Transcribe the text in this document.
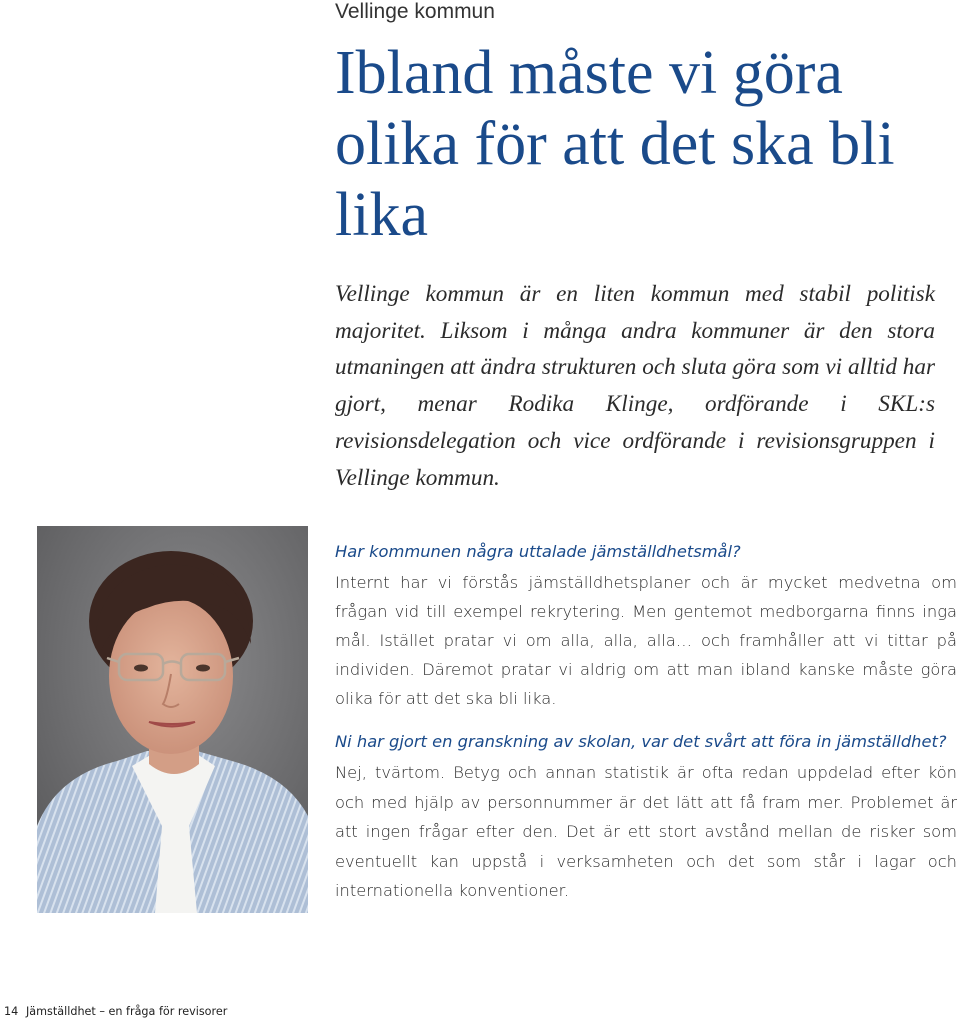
Vellinge kommun
Ibland måste vi göra olika för att det ska bli lika

Vellinge kommun är en liten kommun med stabil politisk majoritet. Liksom i många andra kommuner är den stora utmaningen att ändra strukturen och sluta göra som vi alltid har gjort, menar Rodika Klinge, ordförande i SKL:s revisionsdelegation och vice ordförande i revisionsgruppen i Vellinge kommun.

Har kommunen några uttalade jämställdhetsmål?

Internt har vi förstås jämställdhetsplaner och är mycket medvetna om frågan vid till exempel rekrytering. Men gentemot medborgarna finns inga mål. Istället pratar vi om alla, alla, alla… och framhåller att vi tittar på individen. Däremot pratar vi aldrig om att man ibland kanske måste göra olika för att det ska bli lika.

Ni har gjort en granskning av skolan, var det svårt att föra in jämställdhet?

Nej, tvärtom. Betyg och annan statistik är ofta redan uppdelad efter kön och med hjälp av personnummer är det lätt att få fram mer. Problemet är att ingen frågar efter den. Det är ett stort avstånd mellan de risker som eventuellt kan uppstå i verksamheten och det som står i lagar och internationella konventioner.

14 Jämställdhet – en fråga för revisorer
